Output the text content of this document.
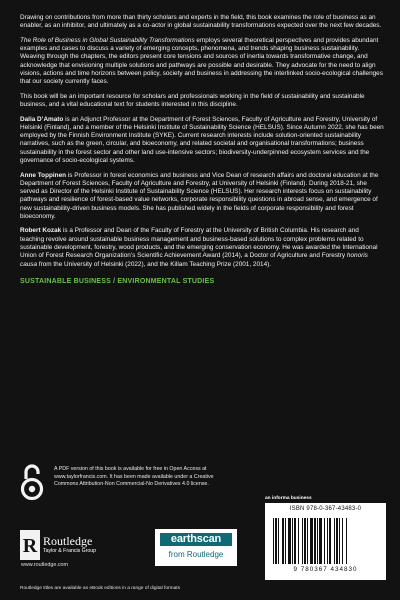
Drawing on contributions from more than thirty scholars and experts in the field, this book examines the role of business as an enabler, as an inhibitor, and ultimately as a co-actor in global sustainability transformations expected over the next few decades.

The Role of Business in Global Sustainability Transformations employs several theoretical perspectives and provides abundant examples and cases to discuss a variety of emerging concepts, phenomena, and trends shaping business sustainability. Weaving through the chapters, the editors present core tensions and sources of inertia towards transformative change, and acknowledge that envisioning multiple solutions and pathways are possible and desirable. They advocate for the need to align visions, actions and time horizons between policy, society and business in addressing the interlinked socio-ecological challenges that our society currently faces.

This book will be an important resource for scholars and professionals working in the field of sustainability and sustainable business, and a vital educational text for students interested in this discipline.

Dalia D’Amato is an Adjunct Professor at the Department of Forest Sciences, Faculty of Agriculture and Forestry, University of Helsinki (Finland), and a member of the Helsinki Institute of Sustainability Science (HELSUS). Since Autumn 2022, she has been employed by the Finnish Environment Institute (SYKE). Current research interests include solution-oriented sustainability narratives, such as the green, circular, and bioeconomy, and related societal and organisational transformations; business sustainability in the forest sector and other land use-intensive sectors; biodiversity-underpinned ecosystem services and the governance of socio-ecological systems.

Anne Toppinen is Professor in forest economics and business and Vice Dean of research affairs and doctoral education at the Department of Forest Sciences, Faculty of Agriculture and Forestry, at University of Helsinki (Finland). During 2018-21, she served as Director of the Helsinki Institute of Sustainability Science (HELSUS). Her research interests focus on sustainability pathways and resilience of forest-based value networks, corporate responsibility questions in abroad sense, and emergence of new sustainability-driven business models. She has published widely in the fields of corporate responsibility and forest bioeconomy.

Robert Kozak is a Professor and Dean of the Faculty of Forestry at the University of British Columbia. His research and teaching revolve around sustainable business management and business-based solutions to complex problems related to sustainable development, forestry, wood products, and the emerging conservation economy. He was awarded the International Union of Forest Research Organization’s Scientific Achievement Award (2014), a Doctor of Agriculture and Forestry honoris causa from the University of Helsinki (2022), and the Killam Teaching Prize (2001, 2014).

SUSTAINABLE BUSINESS / ENVIRONMENTAL STUDIES
A PDF version of this book is available for free in Open Access at www.taylorfrancis.com. It has been made available under a Creative Commons Attribution-Non Commercial-No Derivatives 4.0 license.
R Routledge
Taylor & Francis Group
www.routledge.com
earthscan
from Routledge
an informa business
ISBN 978-0-367-43483-0
9 780367 434830
Routledge titles are available as eBook editions in a range of digital formats
